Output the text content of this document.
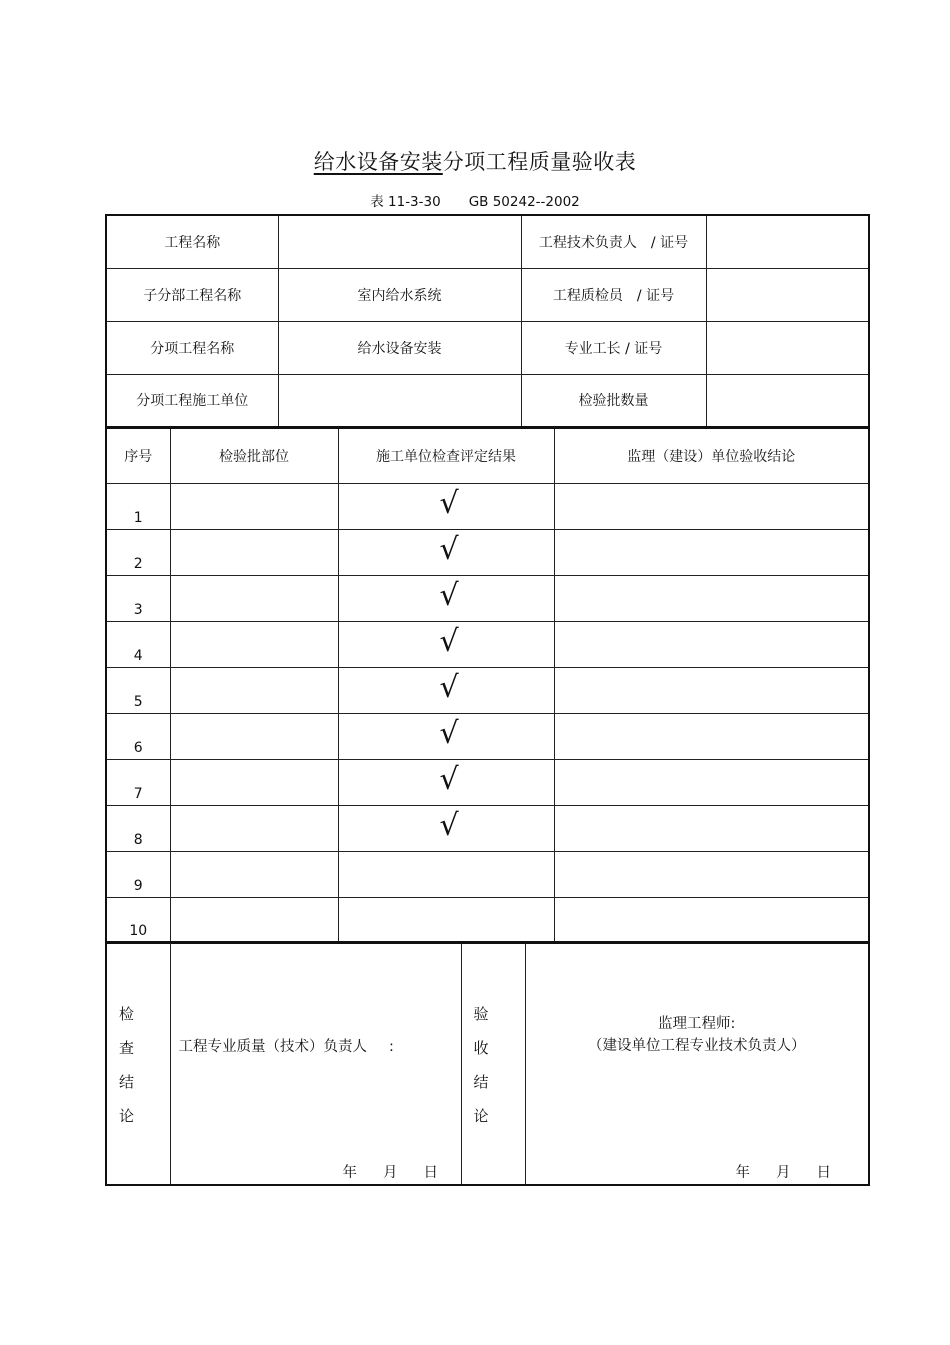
给水设备安装分项工程质量验收表
表 11-3-30 GB 50242--2002
工程名称		工程技术负责人　/ 证号	
子分部工程名称	室内给水系统	工程质检员　/ 证号	
分项工程名称	给水设备安装	专业工长 / 证号	
分项工程施工单位		检验批数量	
序号	检验批部位	施工单位检查评定结果	监理（建设）单位验收结论
1		√	
2		√	
3		√	
4		√	
5		√	
6		√	
7		√	
8		√	
9			
10			
检
查
结
论

工程专业质量（技术）负责人 :
年 月 日

验
收
结
论

监理工程师:
（建设单位工程专业技术负责人）
年 月 日
